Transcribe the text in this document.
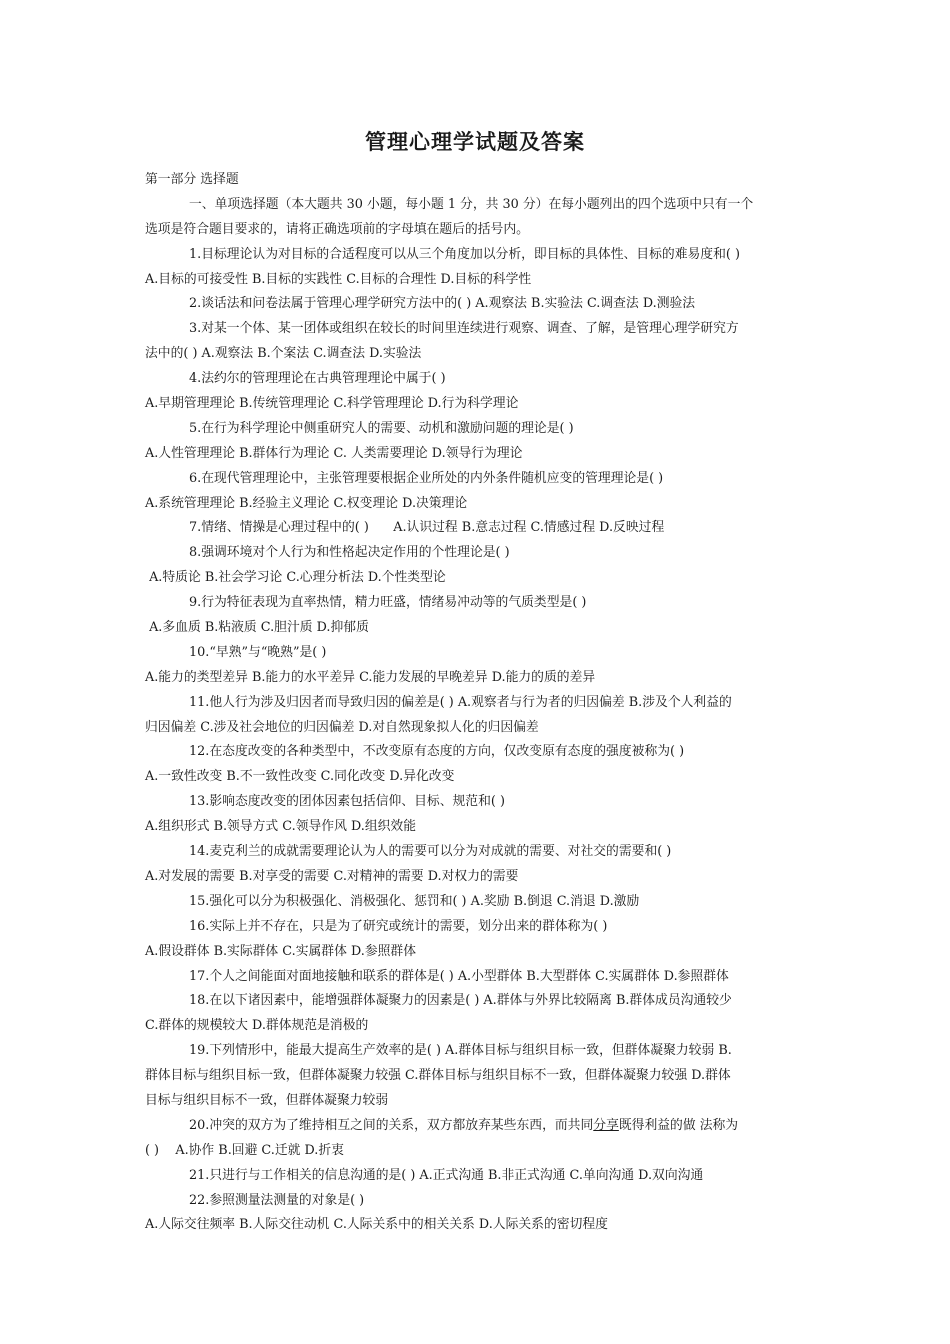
管理心理学试题及答案
第一部分 选择题
一、单项选择题（本大题共 30 小题，每小题 1 分，共 30 分）在每小题列出的四个选项中只有一个
选项是符合题目要求的，请将正确选项前的字母填在题后的括号内。
1.目标理论认为对目标的合适程度可以从三个角度加以分析，即目标的具体性、目标的难易度和( )
A.目标的可接受性 B.目标的实践性 C.目标的合理性 D.目标的科学性
2.谈话法和问卷法属于管理心理学研究方法中的( ) A.观察法 B.实验法 C.调查法 D.测验法
3.对某一个体、某一团体或组织在较长的时间里连续进行观察、调查、了解，是管理心理学研究方
法中的( ) A.观察法 B.个案法 C.调查法 D.实验法
4.法约尔的管理理论在古典管理理论中属于( )
A.早期管理理论 B.传统管理理论 C.科学管理理论 D.行为科学理论
5.在行为科学理论中侧重研究人的需要、动机和激励问题的理论是( )
A.人性管理理论 B.群体行为理论 C. 人类需要理论 D.领导行为理论
6.在现代管理理论中，主张管理要根据企业所处的内外条件随机应变的管理理论是( )
A.系统管理理论 B.经验主义理论 C.权变理论 D.决策理论
7.情绪、情操是心理过程中的( )      A.认识过程 B.意志过程 C.情感过程 D.反映过程
8.强调环境对个人行为和性格起决定作用的个性理论是( )
A.特质论 B.社会学习论 C.心理分析法 D.个性类型论
9.行为特征表现为直率热情，精力旺盛，情绪易冲动等的气质类型是( )
A.多血质 B.粘液质 C.胆汁质 D.抑郁质
10.“早熟”与“晚熟”是( )
A.能力的类型差异 B.能力的水平差异 C.能力发展的早晚差异 D.能力的质的差异
11.他人行为涉及归因者而导致归因的偏差是( ) A.观察者与行为者的归因偏差 B.涉及个人利益的
归因偏差 C.涉及社会地位的归因偏差 D.对自然现象拟人化的归因偏差
12.在态度改变的各种类型中，不改变原有态度的方向，仅改变原有态度的强度被称为( )
A.一致性改变 B.不一致性改变 C.同化改变 D.异化改变
13.影响态度改变的团体因素包括信仰、目标、规范和( )
A.组织形式 B.领导方式 C.领导作风 D.组织效能
14.麦克利兰的成就需要理论认为人的需要可以分为对成就的需要、对社交的需要和( )
A.对发展的需要 B.对享受的需要 C.对精神的需要 D.对权力的需要
15.强化可以分为积极强化、消极强化、惩罚和( ) A.奖励 B.倒退 C.消退 D.激励
16.实际上并不存在，只是为了研究或统计的需要，划分出来的群体称为( )
A.假设群体 B.实际群体 C.实属群体 D.参照群体
17.个人之间能面对面地接触和联系的群体是( ) A.小型群体 B.大型群体 C.实属群体 D.参照群体
18.在以下诸因素中，能增强群体凝聚力的因素是( ) A.群体与外界比较隔离 B.群体成员沟通较少
C.群体的规模较大 D.群体规范是消极的
19.下列情形中，能最大提高生产效率的是( ) A.群体目标与组织目标一致，但群体凝聚力较弱 B.
群体目标与组织目标一致，但群体凝聚力较强 C.群体目标与组织目标不一致，但群体凝聚力较强 D.群体
目标与组织目标不一致，但群体凝聚力较弱
20.冲突的双方为了维持相互之间的关系，双方都放弃某些东西，而共同分享既得利益的做 法称为
( )    A.协作 B.回避 C.迁就 D.折衷
21.只进行与工作相关的信息沟通的是( ) A.正式沟通 B.非正式沟通 C.单向沟通 D.双向沟通
22.参照测量法测量的对象是( )
A.人际交往频率 B.人际交往动机 C.人际关系中的相关关系 D.人际关系的密切程度
